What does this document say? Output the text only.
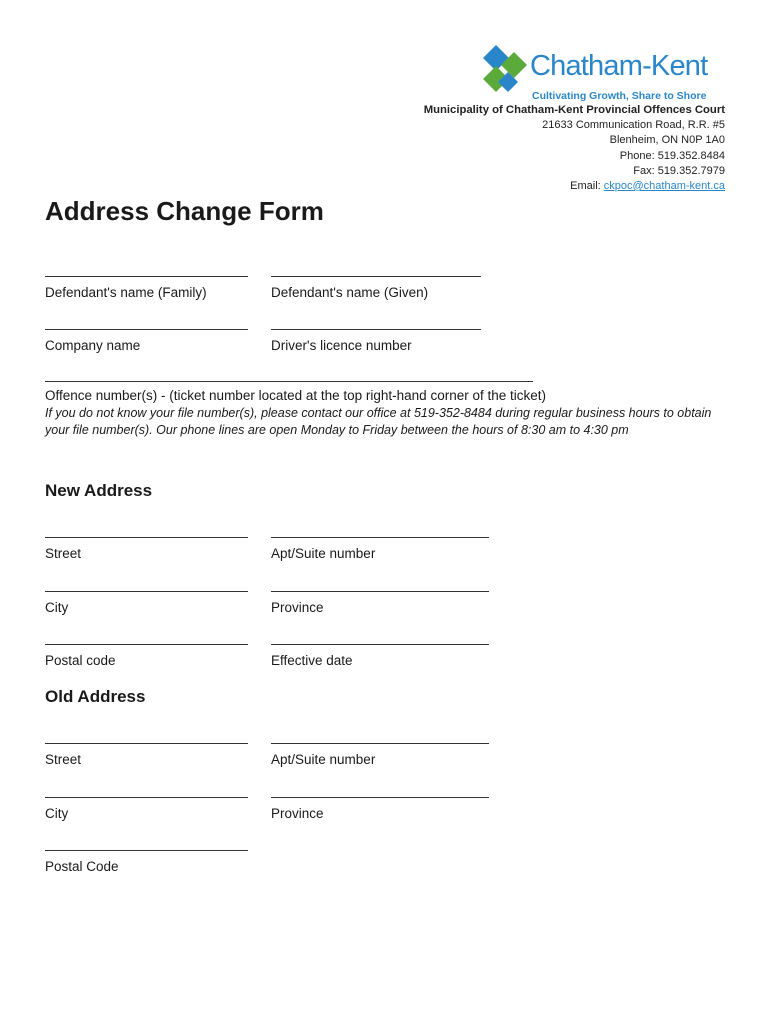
Chatham-Kent
Cultivating Growth, Share to Shore
Municipality of Chatham-Kent Provincial Offences Court
21633 Communication Road, R.R. #5
Blenheim, ON N0P 1A0
Phone: 519.352.8484
Fax: 519.352.7979
Email: ckpoc@chatham-kent.ca
Address Change Form
Defendant's name (Family)	Defendant's name (Given)
Company name	Driver's licence number
Offence number(s) - (ticket number located at the top right-hand corner of the ticket)
If you do not know your file number(s), please contact our office at 519-352-8484 during regular business hours to obtain your file number(s). Our phone lines are open Monday to Friday between the hours of 8:30 am to 4:30 pm
New Address
Street	Apt/Suite number
City	Province
Postal code	Effective date
Old Address
Street	Apt/Suite number
City	Province
Postal Code
